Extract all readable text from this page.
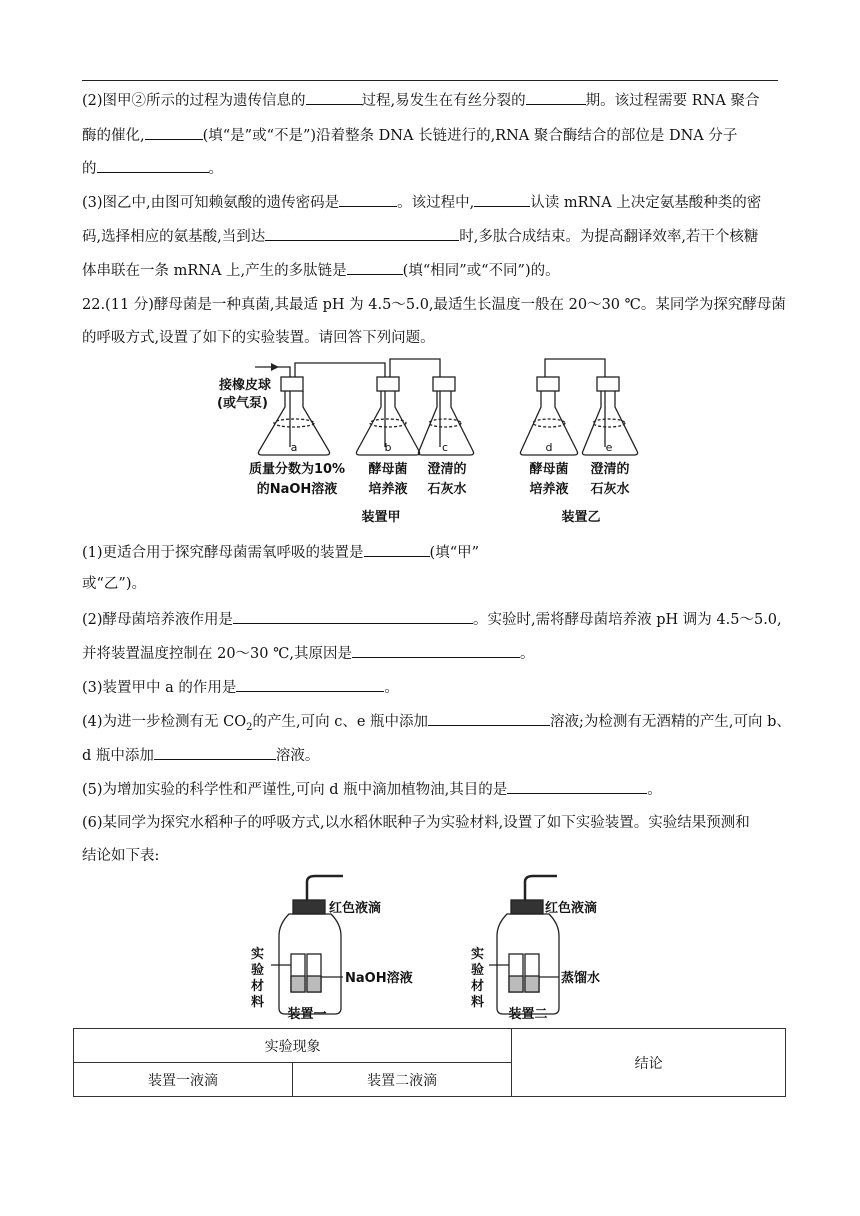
(2)图甲②所示的过程为遗传信息的	过程,易发生在有丝分裂的	期。该过程需要 RNA 聚合
酶的催化,	(填“是”或“不是”)沿着整条 DNA 长链进行的,RNA 聚合酶结合的部位是 DNA 分子
的	。
(3)图乙中,由图可知赖氨酸的遗传密码是	。该过程中,	认读 mRNA 上决定氨基酸种类的密
码,选择相应的氨基酸,当到达	时,多肽合成结束。为提高翻译效率,若干个核糖
体串联在一条 mRNA 上,产生的多肽链是	(填“相同”或“不同”)的。
22.(11 分)酵母菌是一种真菌,其最适 pH 为 4.5～5.0,最适生长温度一般在 20～30 ℃。某同学为探究酵母菌
的呼吸方式,设置了如下的实验装置。请回答下列问题。
a	b	c	d	e
接橡皮球
(或气泵)
质量分数为10%
的NaOH溶液
酵母菌
培养液
澄清的
石灰水
酵母菌
培养液
澄清的
石灰水
装置甲	装置乙
(1)更适合用于探究酵母菌需氧呼吸的装置是	(填“甲”
或“乙”)。
(2)酵母菌培养液作用是	。实验时,需将酵母菌培养液 pH 调为 4.5～5.0,
并将装置温度控制在 20～30 ℃,其原因是	。
(3)装置甲中 a 的作用是	。
(4)为进一步检测有无 $CO_2$的产生,可向 c、e 瓶中添加	溶液;为检测有无酒精的产生,可向 b、
d 瓶中添加	溶液。
(5)为增加实验的科学性和严谨性,可向 d 瓶中滴加植物油,其目的是	。
(6)某同学为探究水稻种子的呼吸方式,以水稻休眠种子为实验材料,设置了如下实验装置。实验结果预测和
结论如下表:
红色液滴
实
验
材
料
NaOH溶液
装置一
红色液滴
实
验
材
料
蒸馏水
装置二
实验现象		结论
装置一液滴	装置二液滴	
